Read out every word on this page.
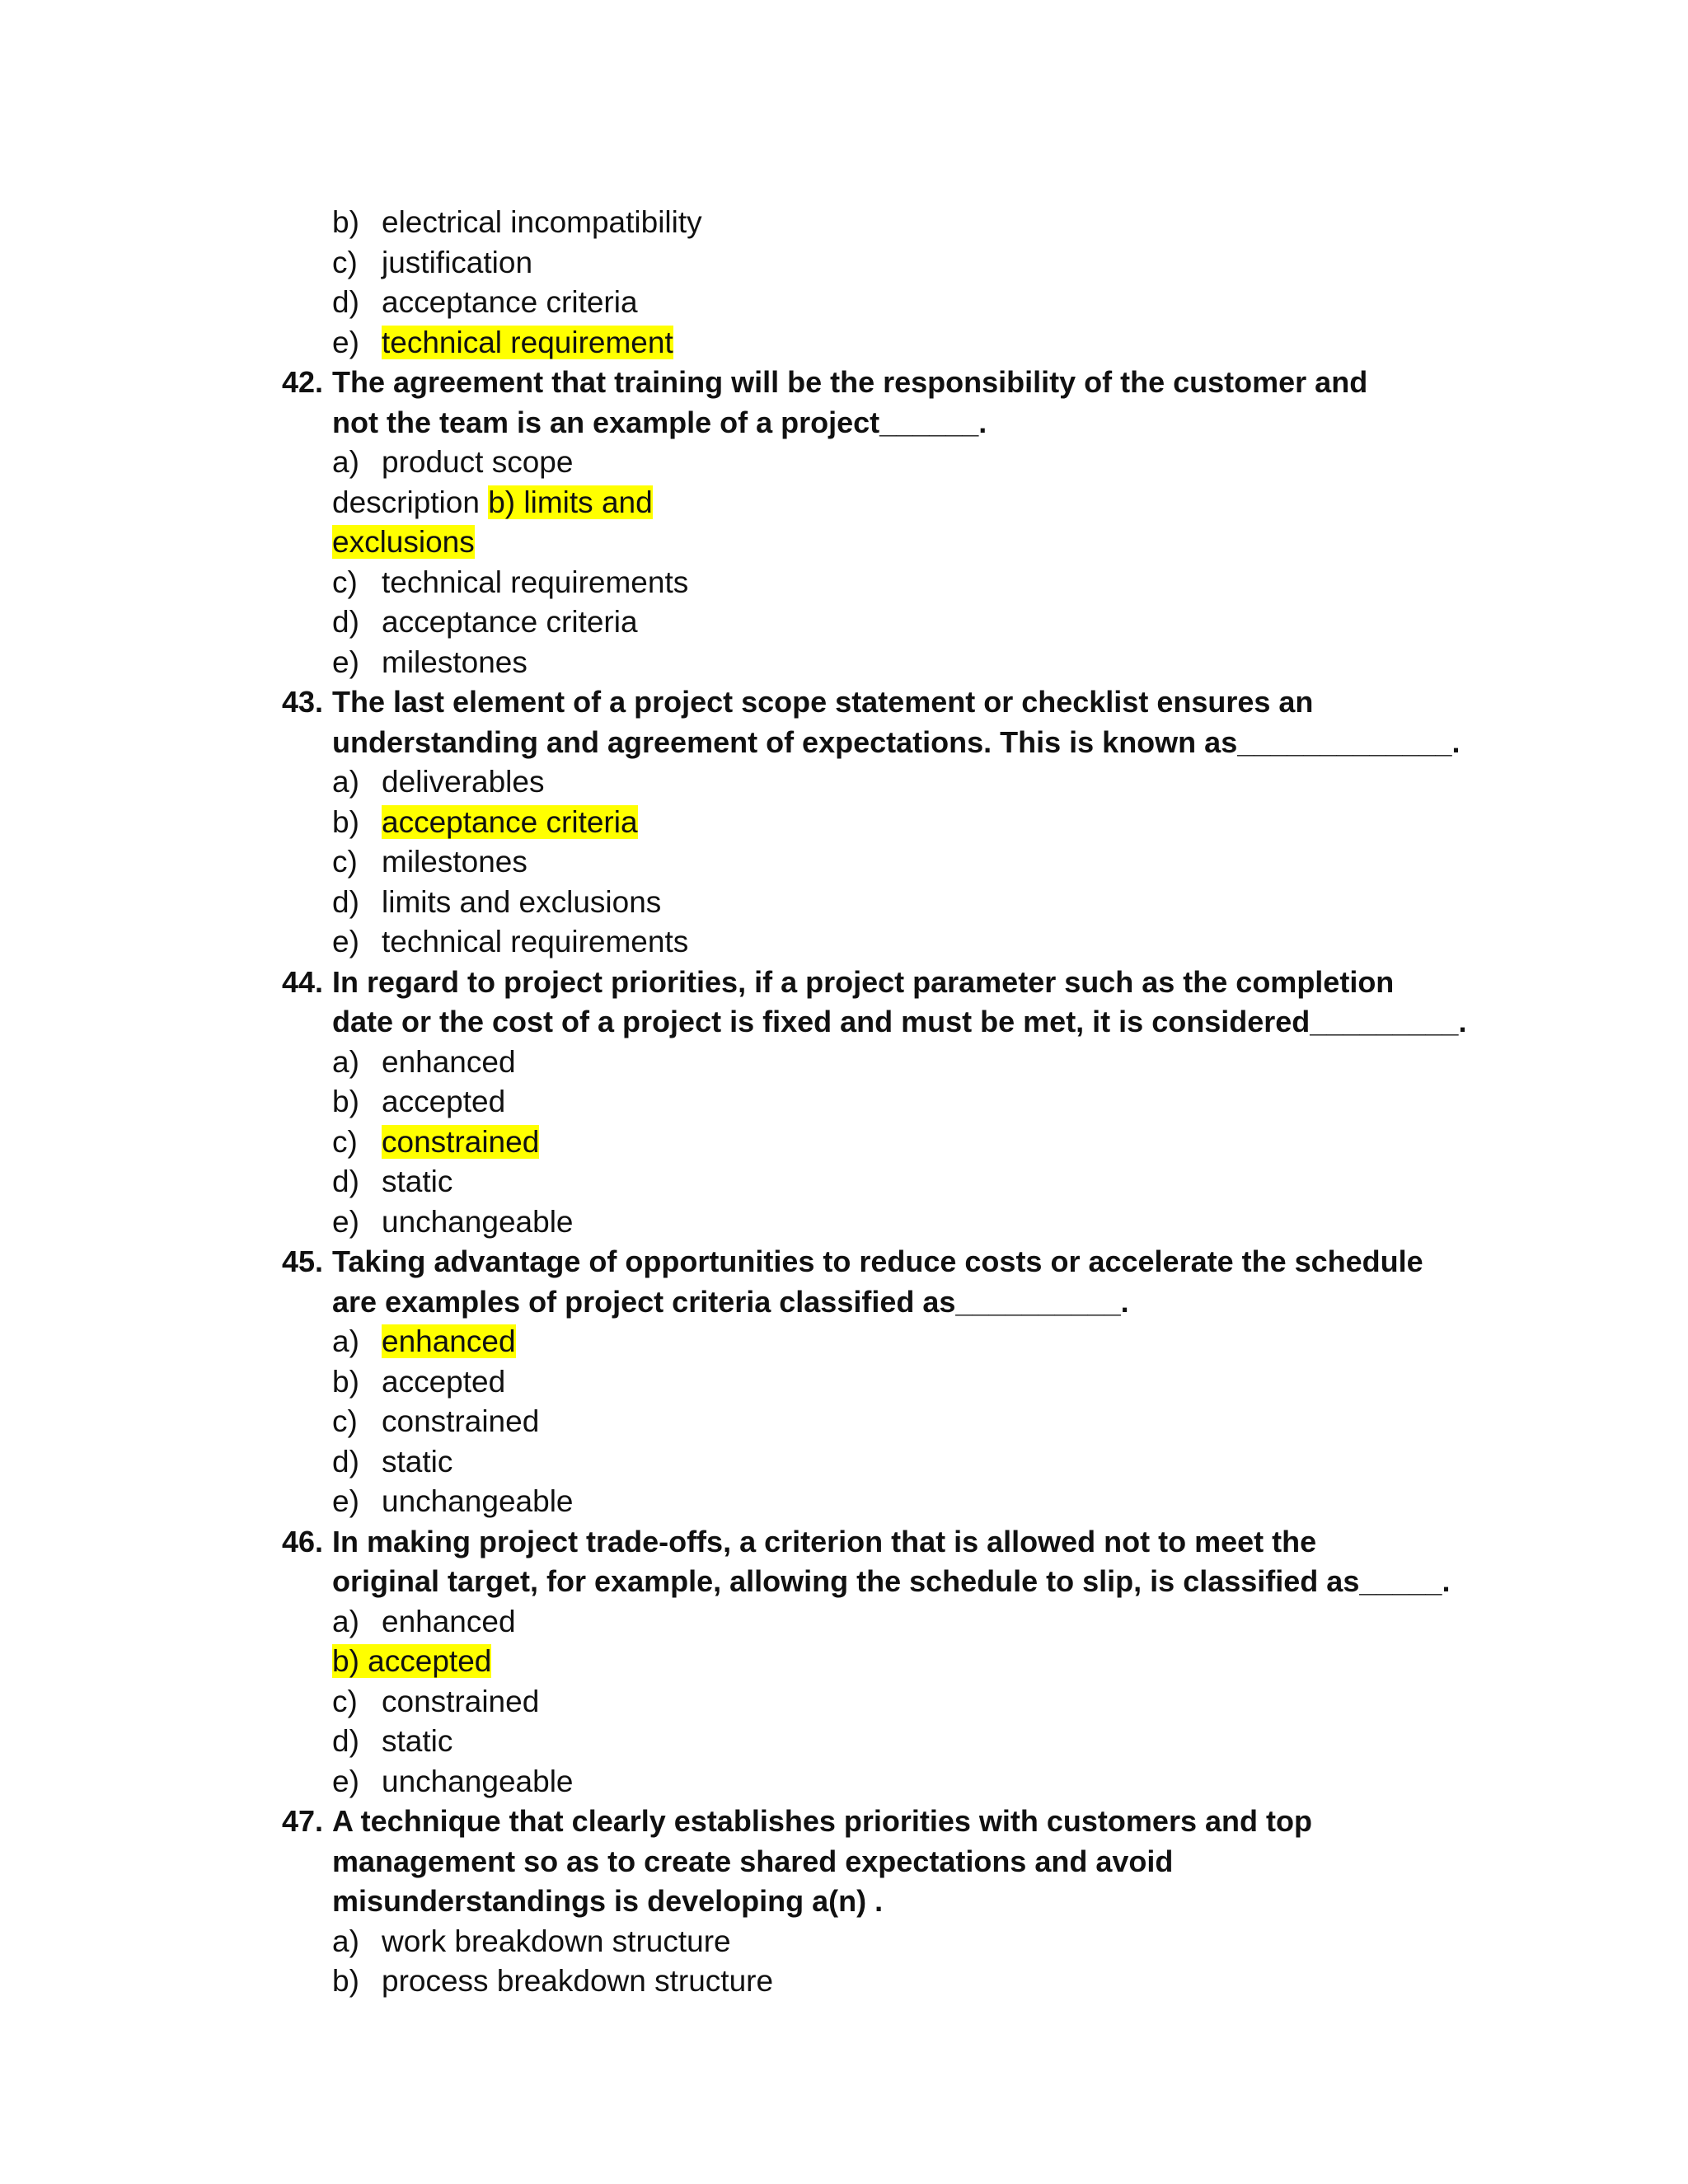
b) electrical incompatibility
c) justification
d) acceptance criteria
e) technical requirement
42. The agreement that training will be the responsibility of the customer and
not the team is an example of a project______.
a) product scope
description b) limits and
exclusions
c) technical requirements
d) acceptance criteria
e) milestones
43. The last element of a project scope statement or checklist ensures an
understanding and agreement of expectations. This is known as_____________.
a) deliverables
b) acceptance criteria
c) milestones
d) limits and exclusions
e) technical requirements
44. In regard to project priorities, if a project parameter such as the completion
date or the cost of a project is fixed and must be met, it is considered_________.
a) enhanced
b) accepted
c) constrained
d) static
e) unchangeable
45. Taking advantage of opportunities to reduce costs or accelerate the schedule
are examples of project criteria classified as__________.
a) enhanced
b) accepted
c) constrained
d) static
e) unchangeable
46. In making project trade-offs, a criterion that is allowed not to meet the
original target, for example, allowing the schedule to slip, is classified as_____.
a) enhanced
b) accepted
c) constrained
d) static
e) unchangeable
47. A technique that clearly establishes priorities with customers and top
management so as to create shared expectations and avoid
misunderstandings is developing a(n) .
a) work breakdown structure
b) process breakdown structure
